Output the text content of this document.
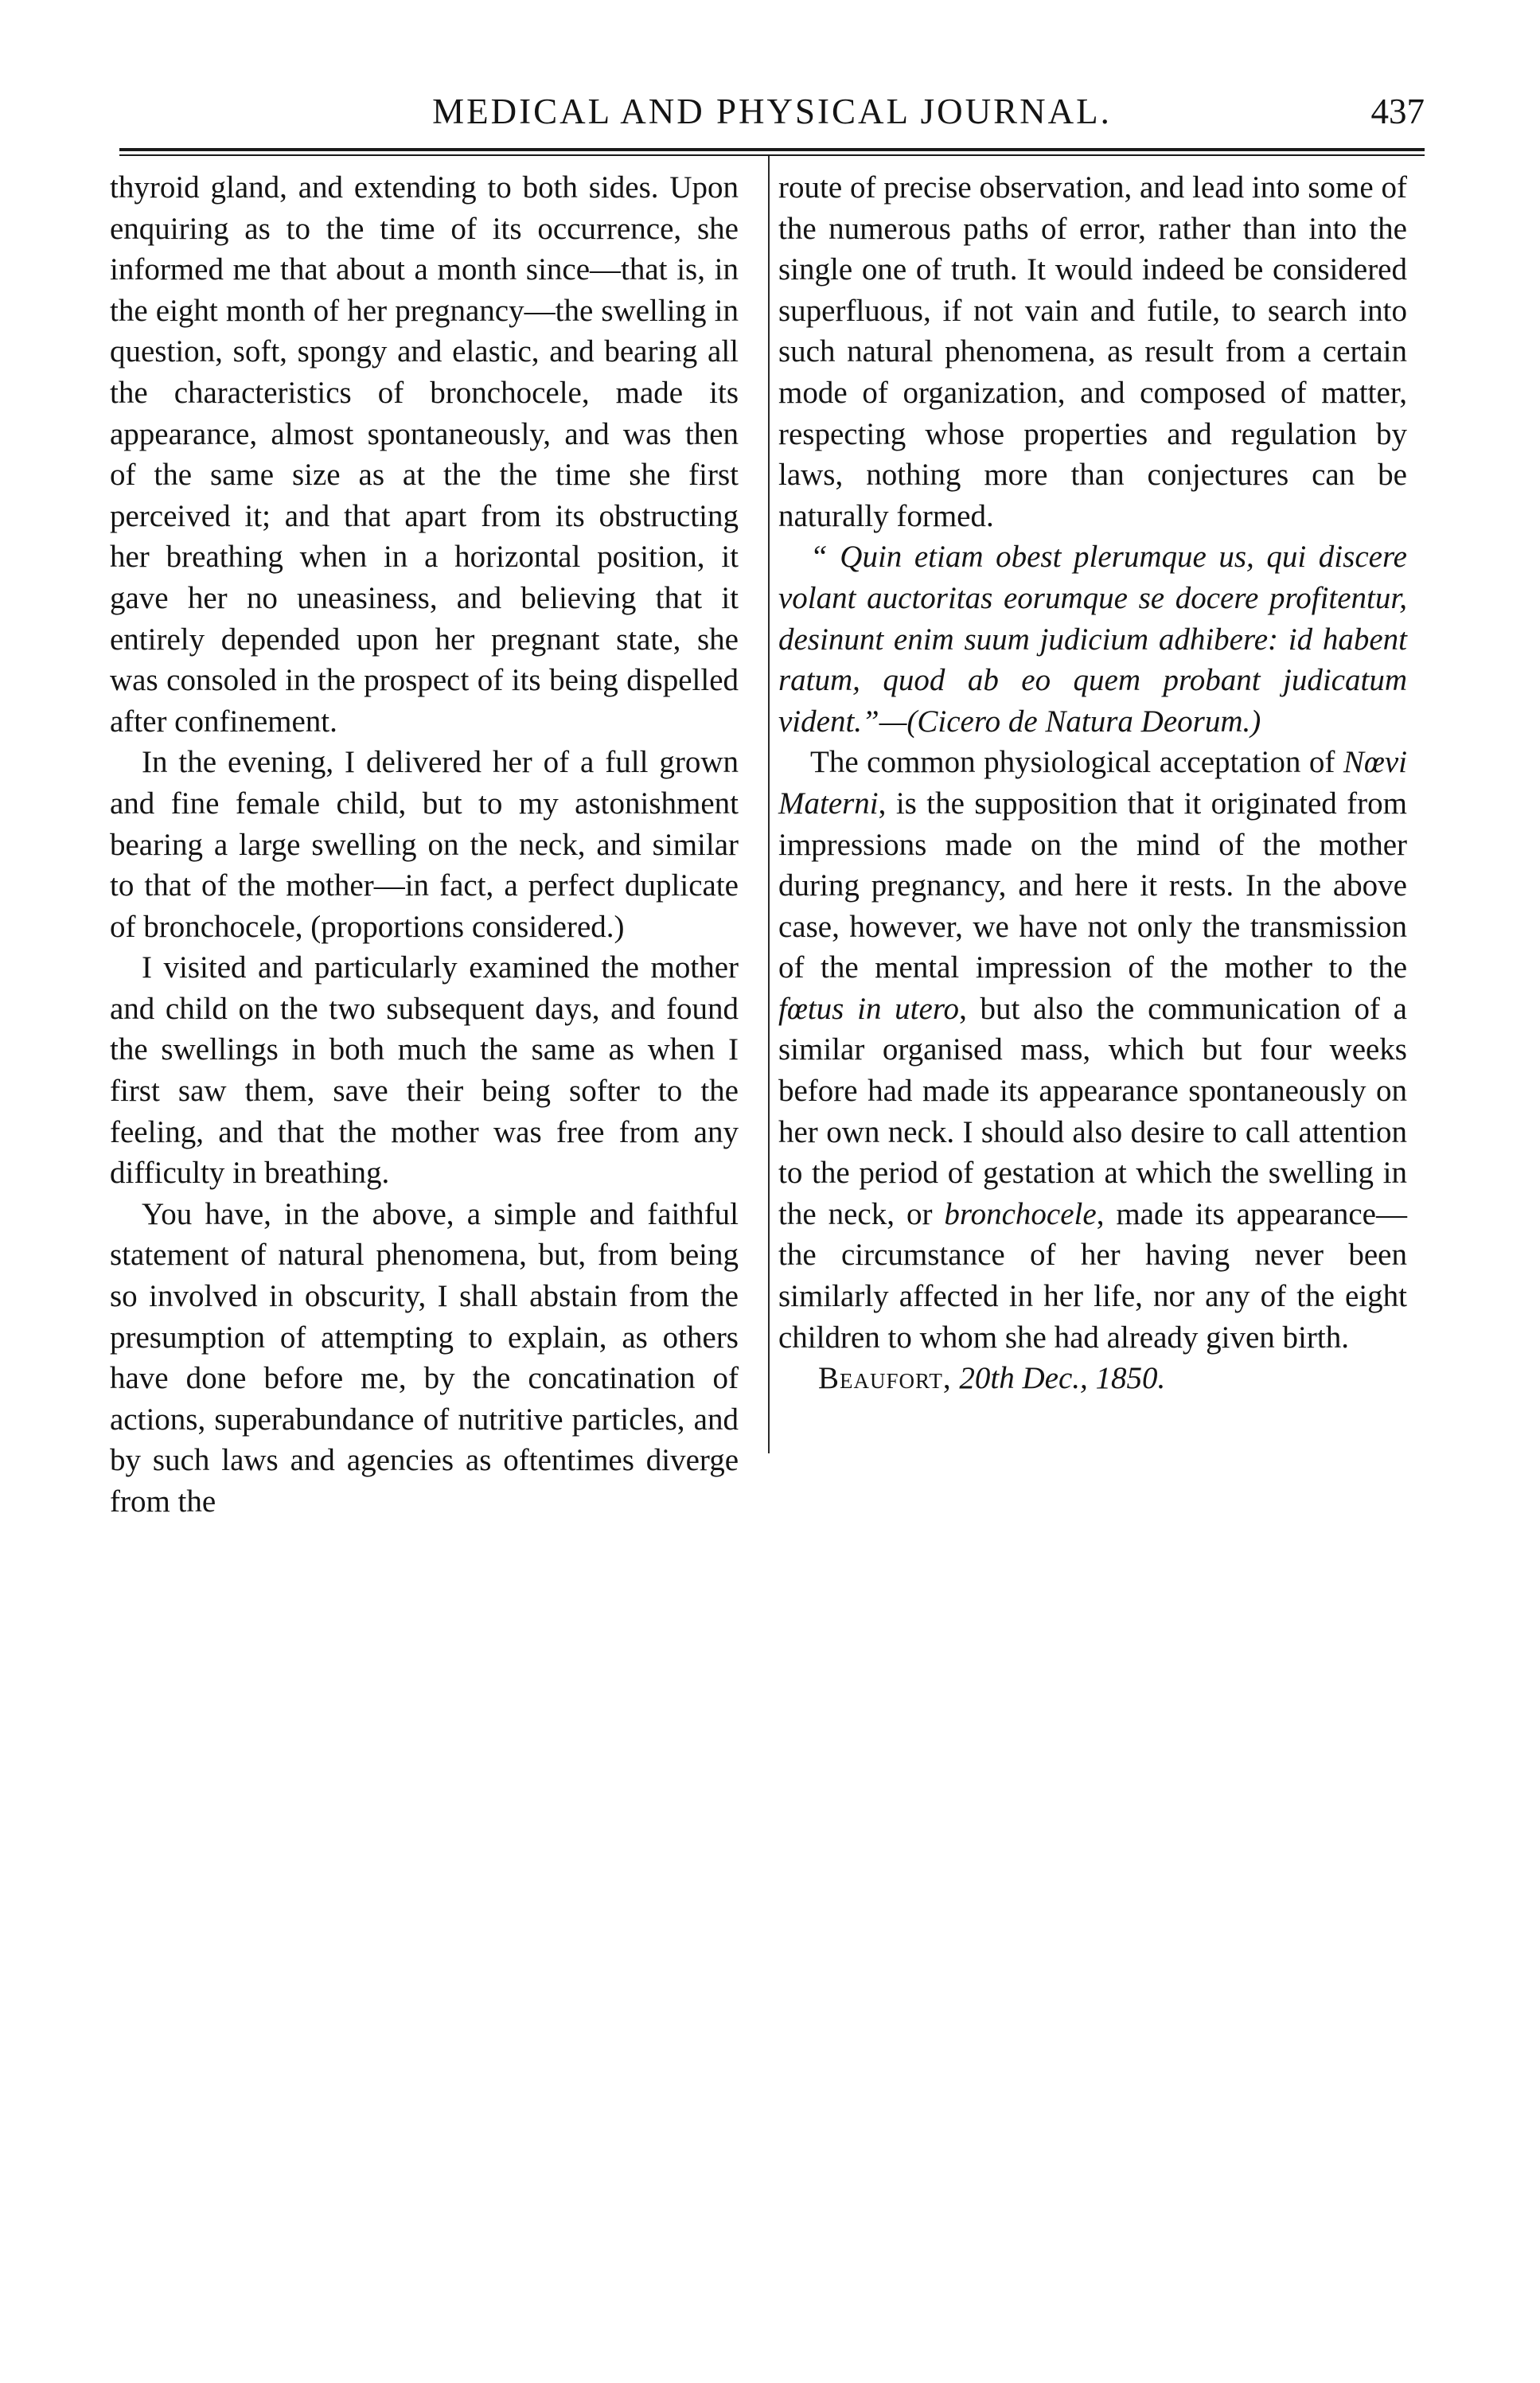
MEDICAL AND PHYSICAL JOURNAL.	437

thyroid gland, and extending to both sides. Upon enquiring as to the time of its occurrence, she informed me that about a month since—that is, in the eight month of her pregnancy—the swelling in question, soft, spongy and elastic, and bearing all the characteristics of bronchocele, made its appearance, almost spontaneously, and was then of the same size as at the the time she first perceived it; and that apart from its obstructing her breathing when in a horizontal position, it gave her no uneasiness, and believing that it entirely depended upon her pregnant state, she was consoled in the prospect of its being dispelled after confinement.

In the evening, I delivered her of a full grown and fine female child, but to my astonishment bearing a large swelling on the neck, and similar to that of the mother—in fact, a perfect duplicate of bronchocele, (proportions considered.)

I visited and particularly examined the mother and child on the two subsequent days, and found the swellings in both much the same as when I first saw them, save their being softer to the feeling, and that the mother was free from any difficulty in breathing.

You have, in the above, a simple and faithful statement of natural phenomena, but, from being so involved in obscurity, I shall abstain from the presumption of attempting to explain, as others have done before me, by the concatination of actions, superabundance of nutritive particles, and by such laws and agencies as oftentimes diverge from the

route of precise observation, and lead into some of the numerous paths of error, rather than into the single one of truth. It would indeed be considered superfluous, if not vain and futile, to search into such natural phenomena, as result from a certain mode of organization, and composed of matter, respecting whose properties and regulation by laws, nothing more than conjectures can be naturally formed.

“ Quin etiam obest plerumque us, qui discere volant auctoritas eorumque se docere profitentur, desinunt enim suum judicium adhibere: id habent ratum, quod ab eo quem probant judicatum vident.”—(Cicero de Natura Deorum.)

The common physiological acceptation of Nœvi Materni, is the supposition that it originated from impressions made on the mind of the mother during pregnancy, and here it rests. In the above case, however, we have not only the transmission of the mental impression of the mother to the fœtus in utero, but also the communication of a similar organised mass, which but four weeks before had made its appearance spontaneously on her own neck. I should also desire to call attention to the period of gestation at which the swelling in the neck, or bronchocele, made its appearance—the circumstance of her having never been similarly affected in her life, nor any of the eight children to whom she had already given birth.

Beaufort, 20th Dec., 1850.
